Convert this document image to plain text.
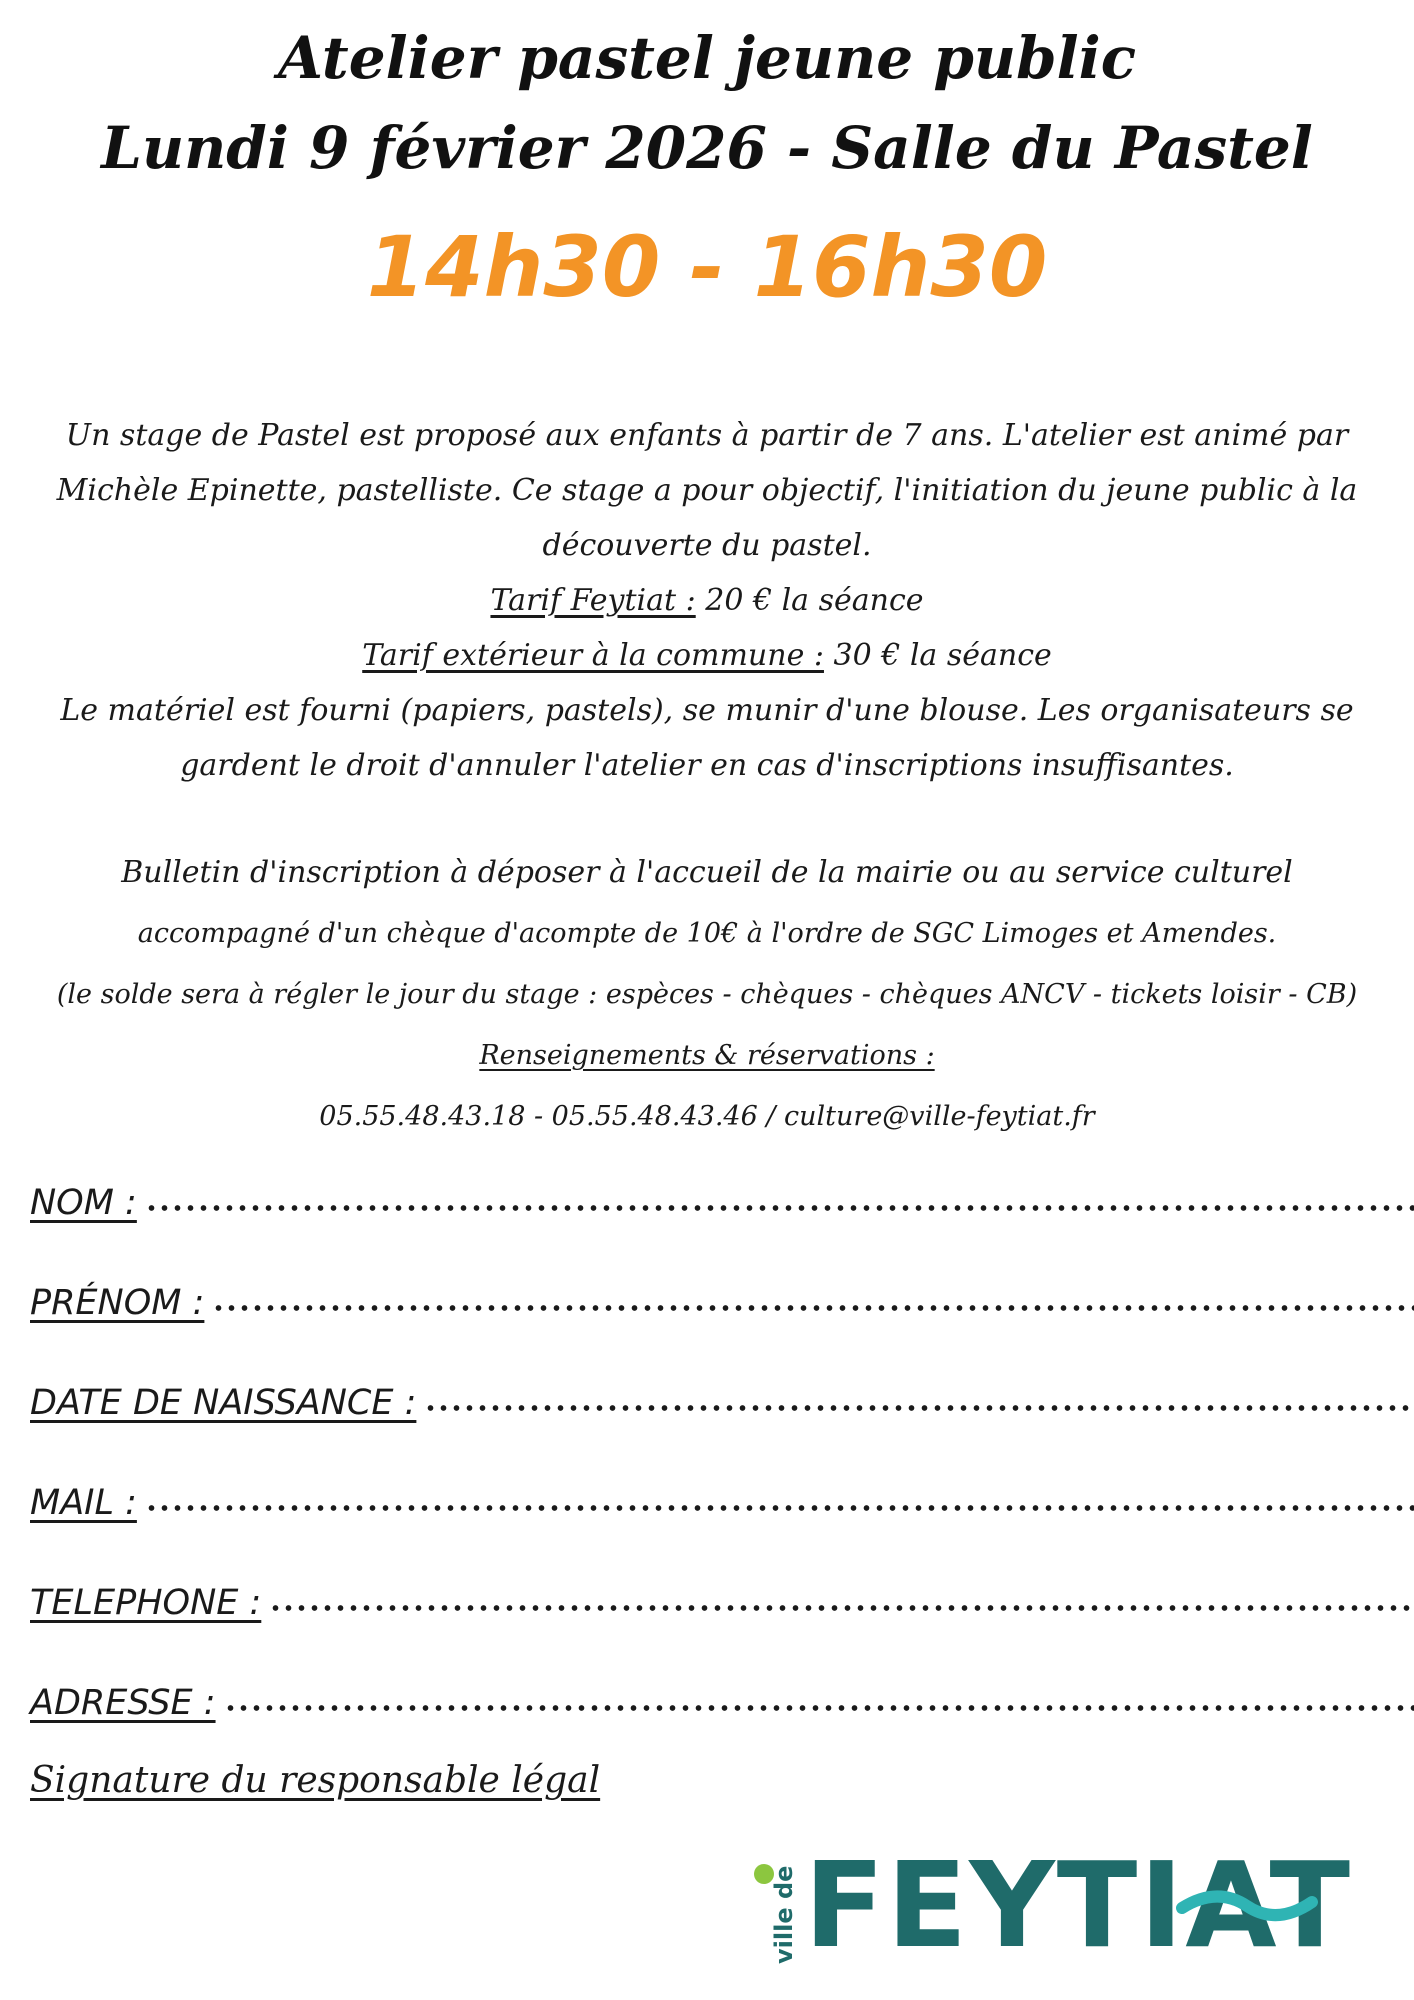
Atelier pastel jeune public
Lundi 9 février 2026 - Salle du Pastel
14h30 - 16h30
Un stage de Pastel est proposé aux enfants à partir de 7 ans. L'atelier est animé par
Michèle Epinette, pastelliste. Ce stage a pour objectif, l'initiation du jeune public à la
découverte du pastel.
Tarif Feytiat : 20 € la séance
Tarif extérieur à la commune : 30 € la séance
Le matériel est fourni (papiers, pastels), se munir d'une blouse. Les organisateurs se
gardent le droit d'annuler l'atelier en cas d'inscriptions insuffisantes.
Bulletin d'inscription à déposer à l'accueil de la mairie ou au service culturel
accompagné d'un chèque d'acompte de 10€ à l'ordre de SGC Limoges et Amendes.
(le solde sera à régler le jour du stage : espèces - chèques - chèques ANCV - tickets loisir - CB)
Renseignements & réservations :
05.55.48.43.18 - 05.55.48.43.46 / culture@ville-feytiat.fr
NOM :
PRÉNOM :
DATE DE NAISSANCE :
MAIL :
TELEPHONE :
ADRESSE :
Signature du responsable légal
ville de FEYTIAT
